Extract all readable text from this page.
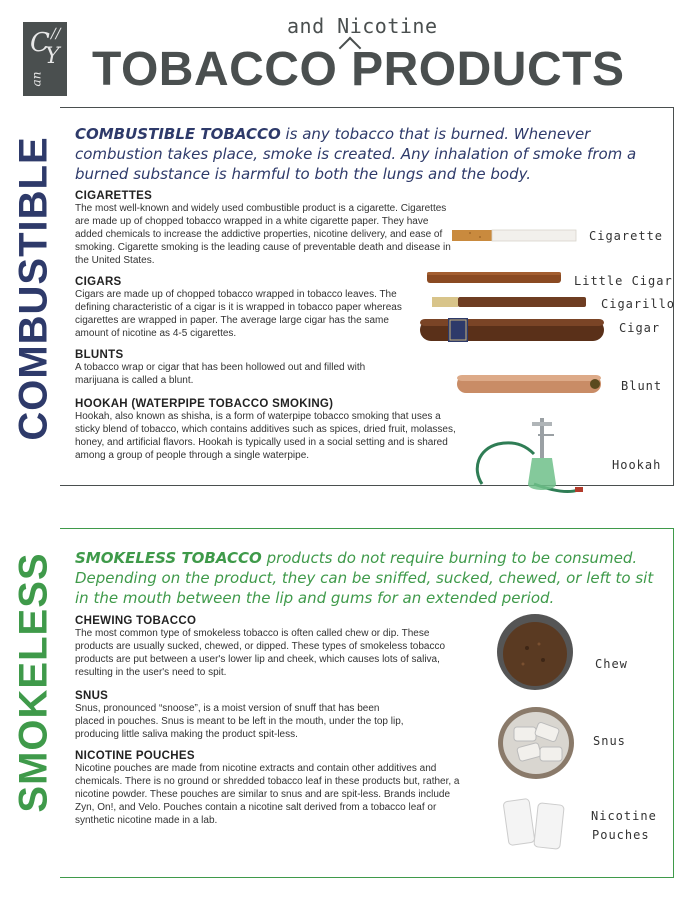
C
Y
an
∕∕
TOBACCO PRODUCTS
and Nicotine
COMBUSTIBLE
COMBUSTIBLE TOBACCO is any tobacco that is burned. Whenever combustion takes place, smoke is created. Any inhalation of smoke from a burned substance is harmful to both the lungs and the body.
CIGARETTES
The most well-known and widely used combustible product is a cigarette. Cigarettes are made up of chopped tobacco wrapped in a white cigarette paper. They have added chemicals to increase the addictive properties, nicotine delivery, and ease of smoking. Cigarette smoking is the leading cause of preventable death and disease in the United States.
CIGARS
Cigars are made up of chopped tobacco wrapped in tobacco leaves. The defining characteristic of a cigar is it is wrapped in tobacco paper whereas cigarettes are wrapped in paper. The average large cigar has the same amount of nicotine as 4-5 cigarettes.
BLUNTS
A tobacco wrap or cigar that has been hollowed out and filled with marijuana is called a blunt.
HOOKAH (WATERPIPE TOBACCO SMOKING)
Hookah, also known as shisha, is a form of waterpipe tobacco smoking that uses a sticky blend of tobacco, which contains additives such as spices, dried fruit, molasses, honey, and artificial flavors. Hookah is typically used in a social setting and is shared among a group of people through a single waterpipe.
Cigarette
Little Cigar
Cigarillo
Cigar
Blunt
Hookah
SMOKELESS SMOKELESS TOBACCO products do not require burning to be consumed. Depending on the product, they can be sniffed, sucked, chewed, or left to sit in the mouth between the lip and gums for an extended period.
CHEWING TOBACCO
The most common type of smokeless tobacco is often called chew or dip. These products are usually sucked, chewed, or dipped. These types of smokeless tobacco products are put between a user's lower lip and cheek, which causes lots of saliva, resulting in the user's need to spit.
SNUS
Snus, pronounced “snoose”, is a moist version of snuff that has been placed in pouches. Snus is meant to be left in the mouth, under the top lip, producing little saliva making the product spit-less.
NICOTINE POUCHES
Nicotine pouches are made from nicotine extracts and contain other additives and chemicals. There is no ground or shredded tobacco leaf in these products but, rather, a nicotine powder. These pouches are similar to snus and are spit-less. Brands include Zyn, On!, and Velo. Pouches contain a nicotine salt derived from a tobacco leaf or synthetic nicotine made in a lab.
Chew
Snus
Nicotine
Pouches
